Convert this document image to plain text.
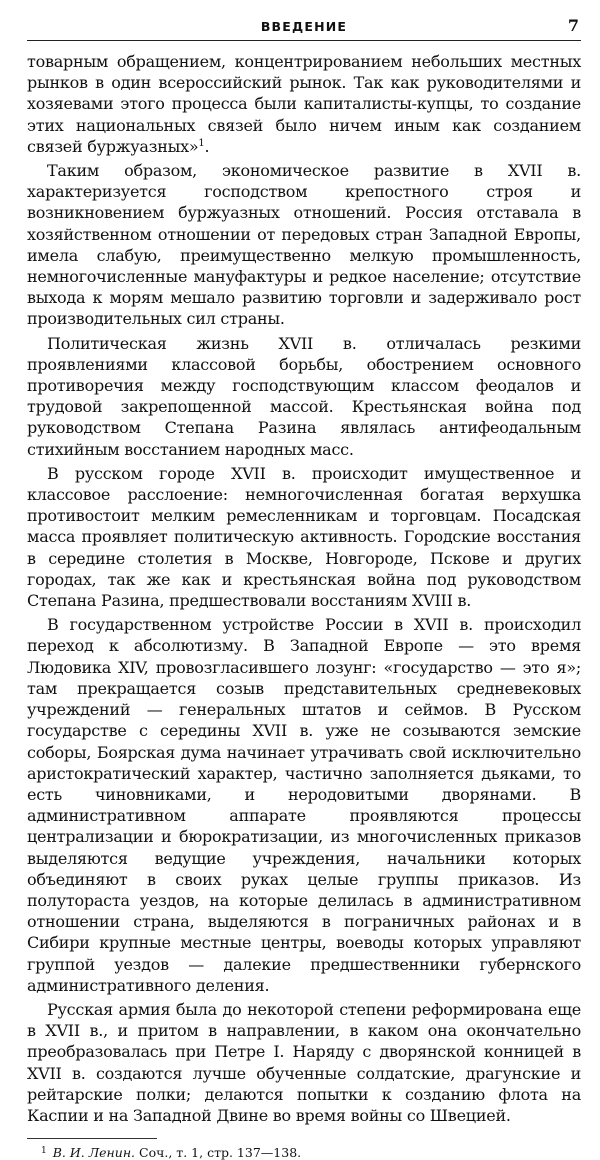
ВВЕДЕНИЕ	7

товарным обращением, концентрированием небольших местных рынков в один всероссийский рынок. Так как руководителями и хозяевами этого процесса были капиталисты-купцы, то создание этих национальных связей было ничем иным как созданием связей буржуазных»$^1$.

Таким образом, экономическое развитие в XVII в. характеризуется господством крепостного строя и возникновением буржуазных отношений. Россия отставала в хозяйственном отношении от передовых стран Западной Европы, имела слабую, преимущественно мелкую промышленность, немногочисленные мануфактуры и редкое население; отсутствие выхода к морям мешало развитию торговли и задерживало рост производительных сил страны.

Политическая жизнь XVII в. отличалась резкими проявлениями классовой борьбы, обострением основного противоречия между господствующим классом феодалов и трудовой закрепощенной массой. Крестьянская война под руководством Степана Разина являлась антифеодальным стихийным восстанием народных масс.

В русском городе XVII в. происходит имущественное и классовое расслоение: немногочисленная богатая верхушка противостоит мелким ремесленникам и торговцам. Посадская масса проявляет политическую активность. Городские восстания в середине столетия в Москве, Новгороде, Пскове и других городах, так же как и крестьянская война под руководством Степана Разина, предшествовали восстаниям XVIII в.

В государственном устройстве России в XVII в. происходил переход к абсолютизму. В Западной Европе — это время Людовика XIV, провозгласившего лозунг: «государство — это я»; там прекращается созыв представительных средневековых учреждений — генеральных штатов и сеймов. В Русском государстве с середины XVII в. уже не созываются земские соборы, Боярская дума начинает утрачивать свой исключительно аристократический характер, частично заполняется дьяками, то есть чиновниками, и неродовитыми дворянами. В административном аппарате проявляются процессы централизации и бюрократизации, из многочисленных приказов выделяются ведущие учреждения, начальники которых объединяют в своих руках целые группы приказов. Из полутораста уездов, на которые делилась в административном отношении страна, выделяются в пограничных районах и в Сибири крупные местные центры, воеводы которых управляют группой уездов — далекие предшественники губернского административного деления.

Русская армия была до некоторой степени реформирована еще в XVII в., и притом в направлении, в каком она окончательно преобразовалась при Петре I. Наряду с дворянской конницей в XVII в. создаются лучше обученные солдатские, драгунские и рейтарские полки; делаются попытки к созданию флота на Каспии и на Западной Двине во время войны со Швецией.

$^1$ В. И. Ленин. Соч., т. 1, стр. 137—138.
